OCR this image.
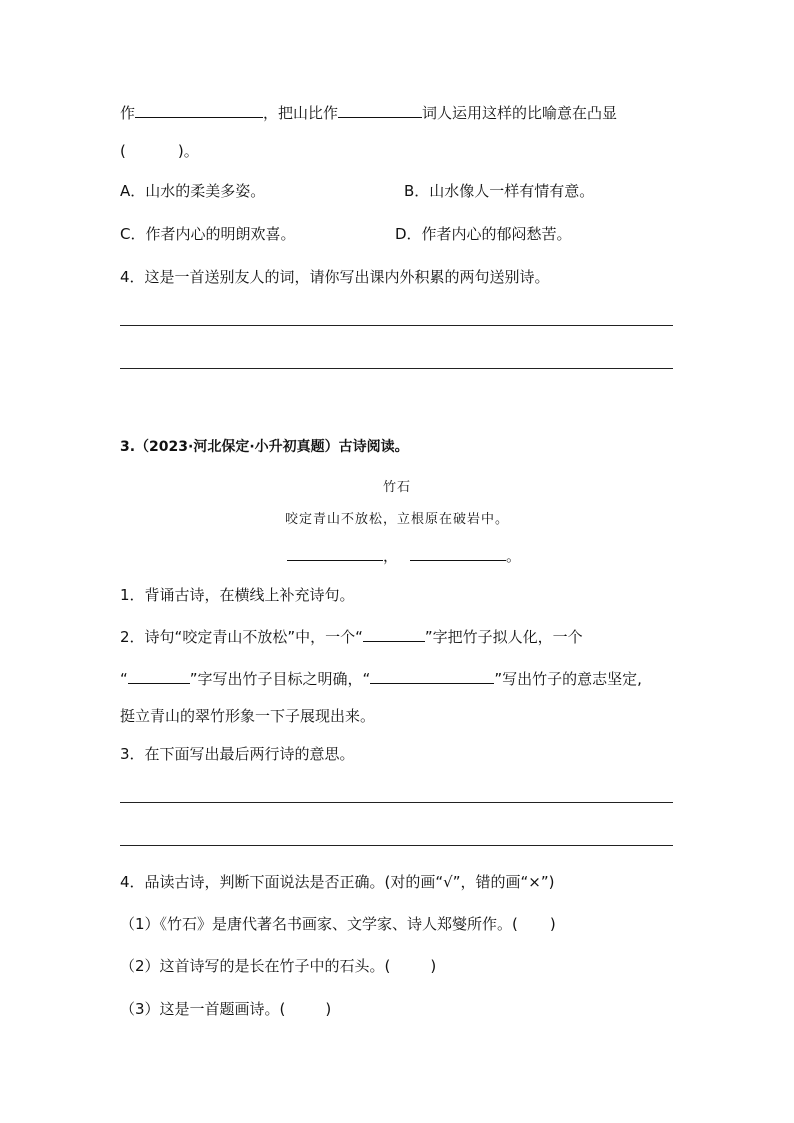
作	，把山比作	词人运用这样的比喻意在凸显
(	)。
A．山水的柔美多姿。	B．山水像人一样有情有意。
C．作者内心的明朗欢喜。	D．作者内心的郁闷愁苦。
4．这是一首送别友人的词，请你写出课内外积累的两句送别诗。
3.（2023·河北保定·小升初真题）古诗阅读。
竹石
咬定青山不放松，立根原在破岩中。
，	。
1．背诵古诗，在横线上补充诗句。
2．诗句“咬定青山不放松”中，一个“	”字把竹子拟人化，一个
“	”字写出竹子目标之明确，“	”写出竹子的意志坚定,
挺立青山的翠竹形象一下子展现出来。
3．在下面写出最后两行诗的意思。
4．品读古诗，判断下面说法是否正确。(对的画“√”，错的画“×”)
（1）《竹石》是唐代著名书画家、文学家、诗人郑燮所作。( )
（2）这首诗写的是长在竹子中的石头。(	)
（3）这是一首题画诗。(	)
